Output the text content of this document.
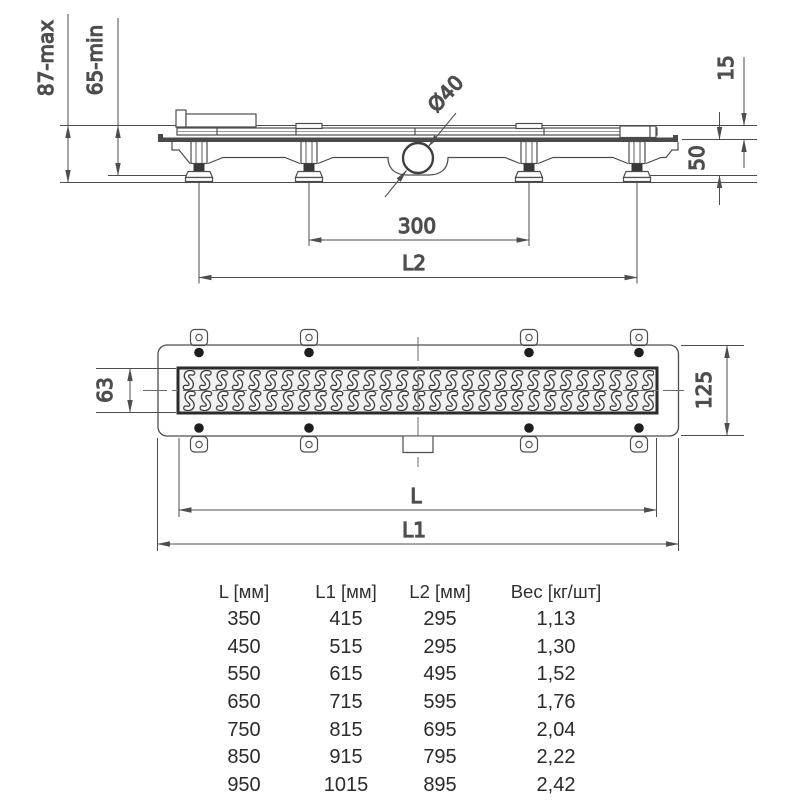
Ø40
300
L2
87-max 65-min	15
50
63	125
L
L1
L [мм]	L1 [мм]	L2 [мм]	Вес [кг/шт]
350	415	295	1,13
450	515	295	1,30
550	615	495	1,52
650	715	595	1,76
750	815	695	2,04
850	915	795	2,22
950	1015	895	2,42
